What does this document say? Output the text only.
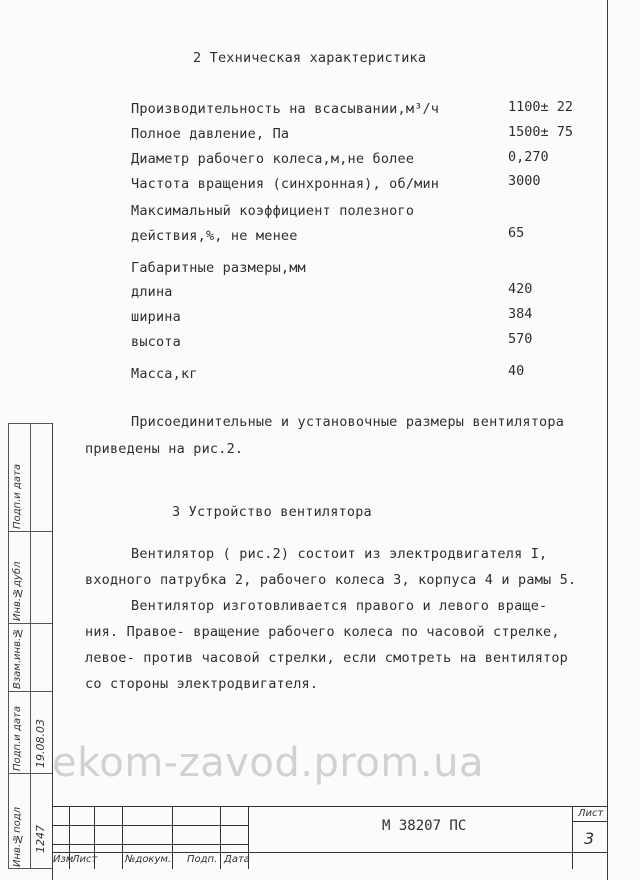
2 Техническая характеристика
Производительность на всасывании,м³/ч	1100± 22
Полное давление, Па	1500± 75
Диаметр рабочего колеса,м,не более	0,270
Частота вращения (синхронная), об/мин	3000
Максимальный коэффициент полезного
действия,%, не менее	65
Габаритные размеры,мм
длина	420
ширина	384
высота	570
Масса,кг	40
Присоединительные и установочные размеры вентилятора
приведены на рис.2.
3 Устройство вентилятора
Вентилятор ( рис.2) состоит из электродвигателя I,
входного патрубка 2, рабочего колеса 3, корпуса 4 и рамы 5.
Вентилятор изготовливается правого и левого враще-
ния. Правое- вращение рабочего колеса по часовой стрелке,
левое- против часовой стрелки, если смотреть на вентилятор
со стороны электродвигателя.
Инв.№подл
Подп.и дата
Взам.инв.№
Инв.№дубл
Подп.и дата
1247
19.08.03
Изм
Лист	№докум. Подп. Дата
М 38207 ПС
Лист
3
ekom-zavod.prom.ua
